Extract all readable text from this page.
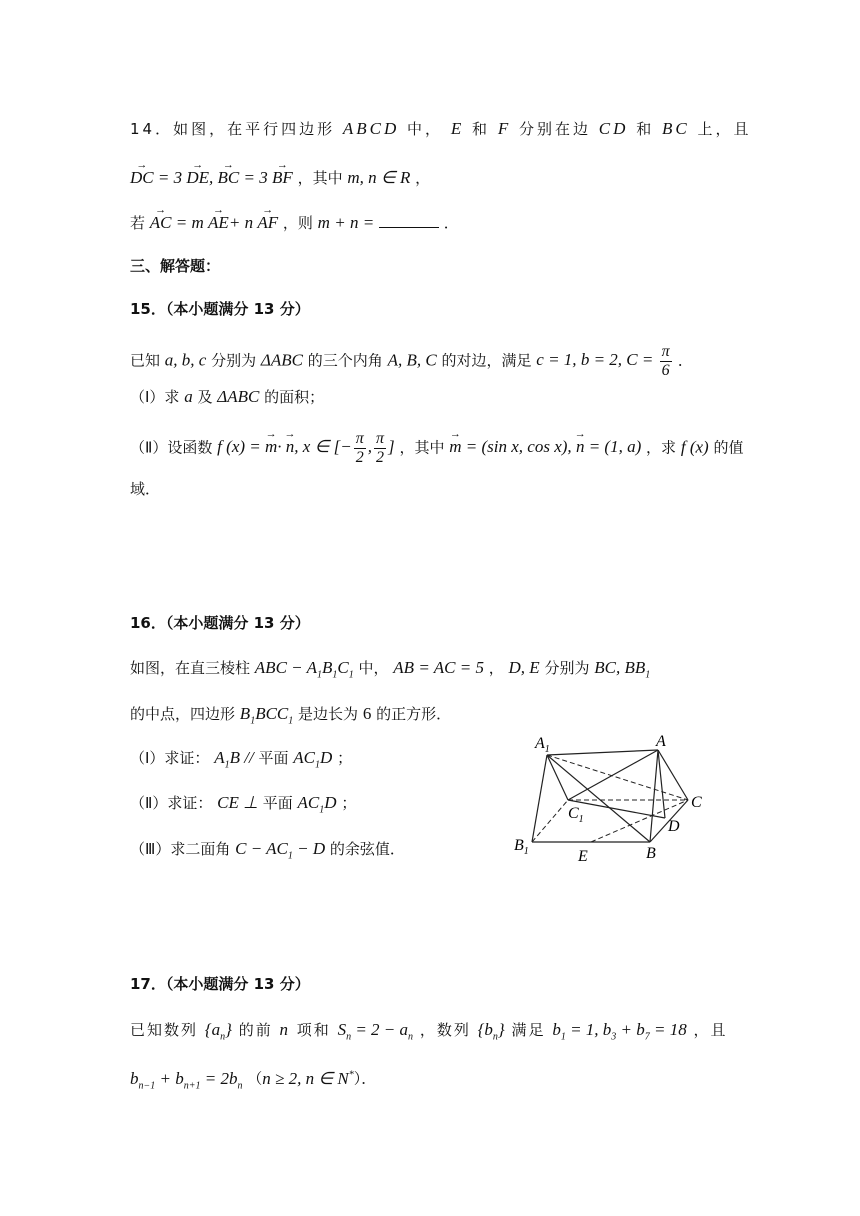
14．如图，在平行四边形 ABCD 中， E 和 F 分别在边 CD 和 BC 上，且
→ DC = 3 → DE, → BC = 3 → BF ，其中 m, n ∈ R ，
若 → AC = m → AE+ n → AF ，则 m + n =	．
三、解答题：
15．（本小题满分 13 分）
已知 a, b, c 分别为 ΔABC 的三个内角 A, B, C 的对边，满足 c = 1, b = 2, $C = \frac{\pi}{6}$ ．
（Ⅰ）求 a 及 ΔABC 的面积；
（Ⅱ）设函数 f (x) = → m· → n, x ∈ [− $\frac{\pi}{2}$ , $\frac{\pi}{2}$ ] ，其中 → m = (sin x, cos x), → n = (1, a) ，求 f (x) 的值
域．
16．（本小题满分 13 分）
如图，在直三棱柱 ABC − $A_1B_1C_1$ 中， AB = AC = 5 ， D, E 分别为 BC, $BB_1$
的中点，四边形 $B_1BCC_1$ 是边长为 6 的正方形．
（Ⅰ）求证： $A_1B$ // 平面 $AC_1D$ ；
（Ⅱ）求证： CE ⊥ 平面 $AC_1D$ ；
（Ⅲ）求二面角 $C - AC_1 - D$ 的余弦值．
$A_1$	A
C
$C_1$	D
$B_1$	E	B
17．（本小题满分 13 分）
已知数列 $\{a_n\}$ 的前 n 项和 $S_n = 2 - a_n$ ，数列 $\{b_n\}$ 满足 $b_1 = 1$, $b_3 + b_7 = 18$ ，且
$b_{n-1} + b_{n+1} = 2b_n$ （n ≥ 2, n ∈ N*）．
